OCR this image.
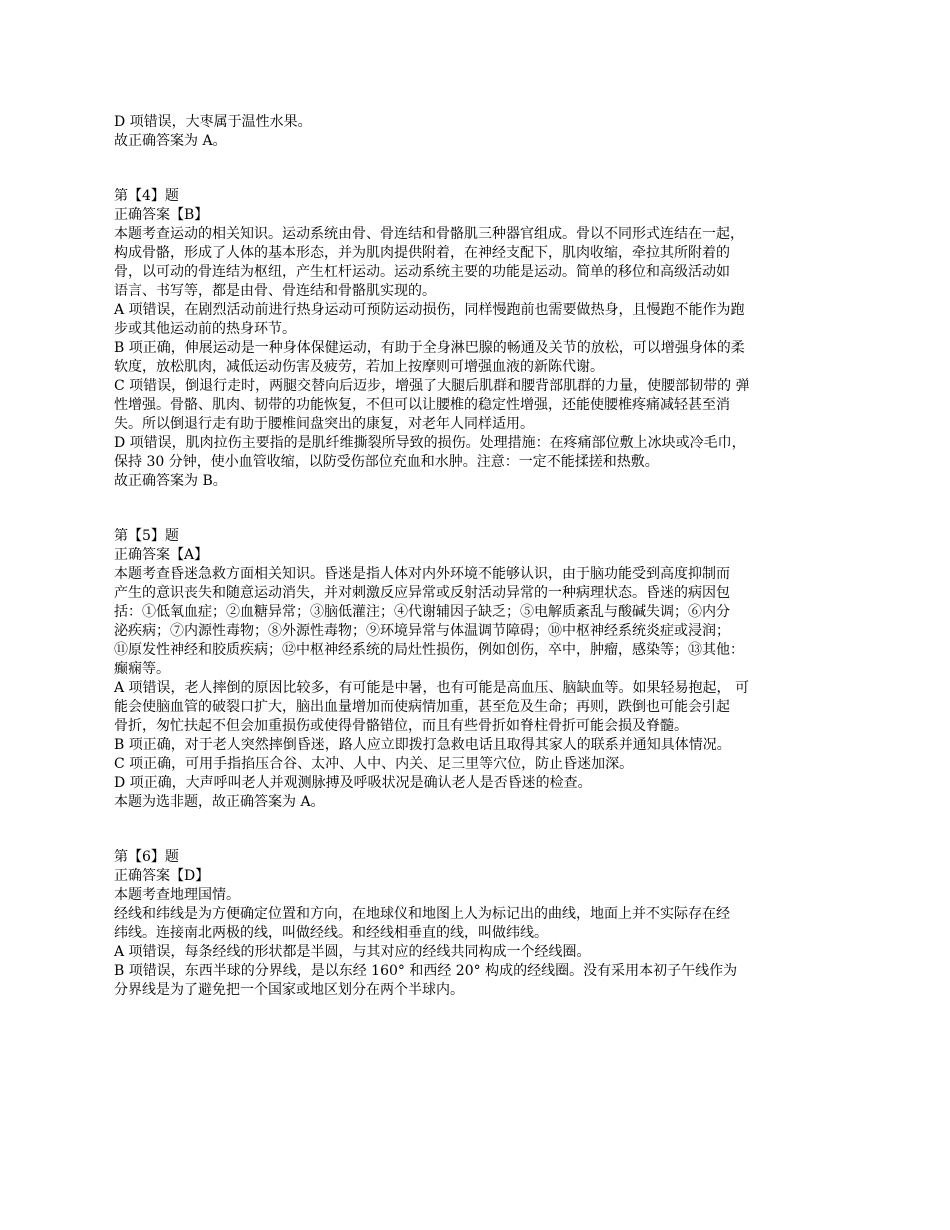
D 项错误，大枣属于温性水果。
故正确答案为 A。
第【4】题
正确答案【B】
本题考查运动的相关知识。运动系统由骨、骨连结和骨骼肌三种器官组成。骨以不同形式连结在一起，
构成骨骼，形成了人体的基本形态，并为肌肉提供附着，在神经支配下，肌肉收缩，牵拉其所附着的
骨，以可动的骨连结为枢纽，产生杠杆运动。运动系统主要的功能是运动。简单的移位和高级活动如
语言、书写等，都是由骨、骨连结和骨骼肌实现的。
A 项错误，在剧烈活动前进行热身运动可预防运动损伤，同样慢跑前也需要做热身，且慢跑不能作为跑
步或其他运动前的热身环节。
B 项正确，伸展运动是一种身体保健运动，有助于全身淋巴腺的畅通及关节的放松，可以增强身体的柔
软度，放松肌肉，减低运动伤害及疲劳，若加上按摩则可增强血液的新陈代谢。
C 项错误，倒退行走时，两腿交替向后迈步，增强了大腿后肌群和腰背部肌群的力量，使腰部韧带的 弹
性增强。骨骼、肌肉、韧带的功能恢复，不但可以让腰椎的稳定性增强，还能使腰椎疼痛减轻甚至消
失。所以倒退行走有助于腰椎间盘突出的康复，对老年人同样适用。
D 项错误，肌肉拉伤主要指的是肌纤维撕裂所导致的损伤。处理措施：在疼痛部位敷上冰块或冷毛巾，
保持 30 分钟，使小血管收缩，以防受伤部位充血和水肿。注意：一定不能揉搓和热敷。
故正确答案为 B。
第【5】题
正确答案【A】
本题考查昏迷急救方面相关知识。昏迷是指人体对内外环境不能够认识，由于脑功能受到高度抑制而
产生的意识丧失和随意运动消失，并对刺激反应异常或反射活动异常的一种病理状态。昏迷的病因包
括：①低氧血症；②血糖异常；③脑低灌注；④代谢辅因子缺乏；⑤电解质紊乱与酸碱失调；⑥内分
泌疾病；⑦内源性毒物；⑧外源性毒物；⑨环境异常与体温调节障碍；⑩中枢神经系统炎症或浸润；
⑪原发性神经和胶质疾病；⑫中枢神经系统的局灶性损伤，例如创伤，卒中，肿瘤，感染等；⑬其他：
癫痫等。
A 项错误，老人摔倒的原因比较多，有可能是中暑，也有可能是高血压、脑缺血等。如果轻易抱起， 可
能会使脑血管的破裂口扩大，脑出血量增加而使病情加重，甚至危及生命；再则，跌倒也可能会引起
骨折，匆忙扶起不但会加重损伤或使得骨骼错位，而且有些骨折如脊柱骨折可能会损及脊髓。
B 项正确，对于老人突然摔倒昏迷，路人应立即拨打急救电话且取得其家人的联系并通知具体情况。
C 项正确，可用手指掐压合谷、太冲、人中、内关、足三里等穴位，防止昏迷加深。
D 项正确，大声呼叫老人并观测脉搏及呼吸状况是确认老人是否昏迷的检查。
本题为选非题，故正确答案为 A。
第【6】题
正确答案【D】
本题考查地理国情。
经线和纬线是为方便确定位置和方向，在地球仪和地图上人为标记出的曲线，地面上并不实际存在经
纬线。连接南北两极的线，叫做经线。和经线相垂直的线，叫做纬线。
A 项错误，每条经线的形状都是半圆，与其对应的经线共同构成一个经线圈。
B 项错误，东西半球的分界线，是以东经 160° 和西经 20° 构成的经线圈。没有采用本初子午线作为
分界线是为了避免把一个国家或地区划分在两个半球内。
